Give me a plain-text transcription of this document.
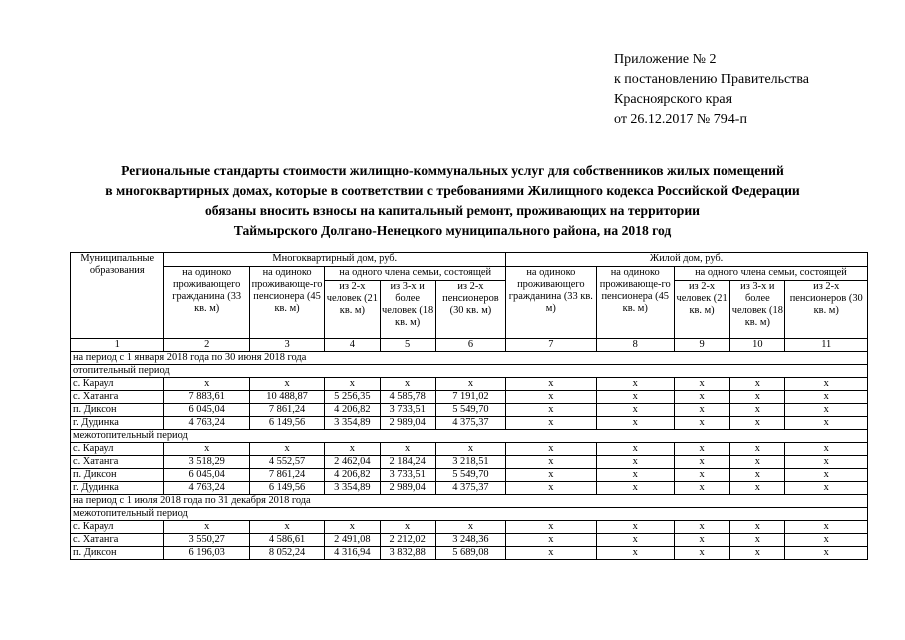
Приложение № 2
к постановлению Правительства
Красноярского края
от 26.12.2017 № 794-п
Региональные стандарты стоимости жилищно-коммунальных услуг для собственников жилых помещений
в многоквартирных домах, которые в соответствии с требованиями Жилищного кодекса Российской Федерации
обязаны вносить взносы на капитальный ремонт, проживающих на территории
Таймырского Долгано-Ненецкого муниципального района, на 2018 год
Муниципальные образования	Многоквартирный дом, руб.					Жилой дом, руб.				
	на одиноко проживающего гражданина (33 кв. м)	на одиноко проживающе-го пенсионера (45 кв. м)	на одного члена семьи, состоящей			на одиноко проживающего гражданина (33 кв. м)	на одиноко проживающе-го пенсионера (45 кв. м)	на одного члена семьи, состоящей		
			из 2-х человек (21 кв. м)	из 3-х и более человек (18 кв. м)	из 2-х пенсионеров (30 кв. м)			из 2-х человек (21 кв. м)	из 3-х и более человек (18 кв. м)	из 2-х пенсионеров (30 кв. м)
1	2	3	4	5	6	7	8	9	10	11
на период с 1 января 2018 года по 30 июня 2018 года										
отопительный период										
с. Караул	х	х	х	х	х	х	х	х	х	х
с. Хатанга	7 883,61	10 488,87	5 256,35	4 585,78	7 191,02	х	х	х	х	х
п. Диксон	6 045,04	7 861,24	4 206,82	3 733,51	5 549,70	х	х	х	х	х
г. Дудинка	4 763,24	6 149,56	3 354,89	2 989,04	4 375,37	х	х	х	х	х
межотопительный период										
с. Караул	х	х	х	х	х	х	х	х	х	х
с. Хатанга	3 518,29	4 552,57	2 462,04	2 184,24	3 218,51	х	х	х	х	х
п. Диксон	6 045,04	7 861,24	4 206,82	3 733,51	5 549,70	х	х	х	х	х
г. Дудинка	4 763,24	6 149,56	3 354,89	2 989,04	4 375,37	х	х	х	х	х
на период с 1 июля 2018 года по 31 декабря 2018 года										
межотопительный период										
с. Караул	х	х	х	х	х	х	х	х	х	х
с. Хатанга	3 550,27	4 586,61	2 491,08	2 212,02	3 248,36	х	х	х	х	х
п. Диксон	6 196,03	8 052,24	4 316,94	3 832,88	5 689,08	х	х	х	х	х
